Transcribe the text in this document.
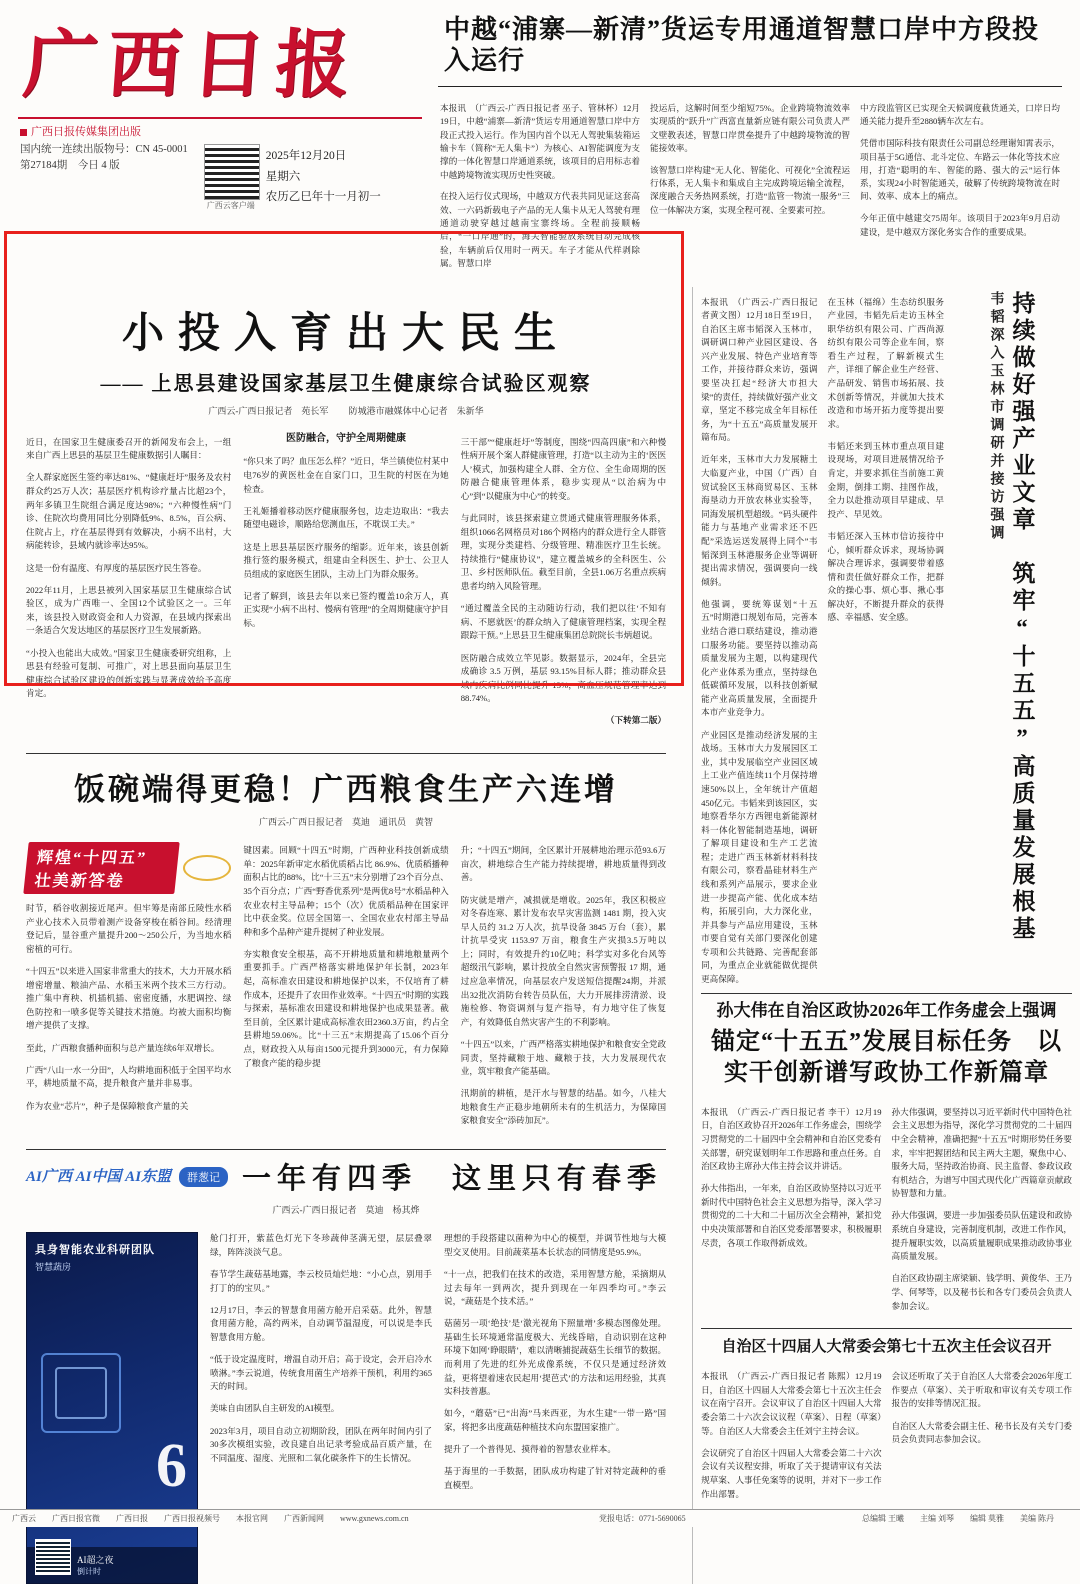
广西日报
广西日报传媒集团出版
国内统一连续出版物号：CN 45-0001
第27184期　 今日 4 版
广西云客户端
2025年12月20日
星期六
农历乙巳年十一月初一
中越“浦寨—新清”货运专用通道智慧口岸中方段投入运行

本报讯　（广西云-广西日报记者 巫子、管林杯）12月19日，中越“浦寨—新清”货运专用通道智慧口岸中方段正式投入运行。作为国内首个以无人驾驶集装箱运输卡车（简称“无人集卡”）为核心、AI智能调度为支撑的一体化智慧口岸通道系统，该项目的启用标志着中越跨境物流实现历史性突破。

在投入运行仪式现场，中越双方代表共同见证这套高效、一六码新载电子产品的无人集卡从无人驾驶有理通道动驶穿越过越南宝寨终场。全程前接顺畅后，“一口岸通”的，海关智能验放系统自动完成核验，车辆前后仅用时一两天。车子才能从代样剥除属。智慧口岸

投运后，这解时间至少缩短75%。企业跨境物流效率实现质的“跃升”广西富直量新应链有限公司负责人严文壁教表述，智慧口岸贯垒提升了中越跨境物流的智能接效率。

该智慧口岸构建“无人化、智能化、可视化”全流程运行体系，无人集卡和集成自主完成跨境运输全流程，深度融合天务热网系统，打造“监管一物流一服务”三位一体解决方案，实现全程可视、全要素可控。

中方段监管区已实现全天候调度截货通关，口岸日均通关能力提升至2880辆车次左右。

凭借市国际科技有限责任公司副总经理谢知霄表示，项目基于5G通信、北斗定位、车路云一体化等技术应用，打造“聪明的车、智能的路、强大的云”运行体系，实现24小时智能通关，破解了传统跨境物流在时间、效率、成本上的痛点。

今年正值中越建交75周年。该项目于2023年9月启动建设，是中越双方深化务实合作的重要成果。

小投入育出大民生
—— 上思县建设国家基层卫生健康综合试验区观察
广西云-广西日报记者　苑长军　　 防城港市融媒体中心记者　朱新华

近日，在国家卫生健康委召开的新闻发布会上，一组来自广西上思县的基层卫生健康数据引人瞩目：

全人群家庭医生签约率达81%、“健康赶圩”服务及农村群众约25万人次；基层医疗机构诊疗量占比超23个，两年多镇卫生院组合满足度达98%；“六种慢性病”门诊、住院次均费用同比分别降低9%、8.5%，百公病、住院占上，疗在基层得到有效解决，小病不出村，大病能转诊，县域内就诊率达95%。

这是一份有温度、有厚度的基层医疗民生答卷。

2022年11月，上思县被列入国家基层卫生健康综合试验区，成为广西唯一、全国12个试验区之一。三年来，该县投入财政资金和人力资源，在县域内探索出一条适合欠发达地区的基层医疗卫生发展新路。

“小投入也能出大成效。”国家卫生健康委研究组称，上思县有经验可复制、可推广，对上思县面向基层卫生健康综合试验区建设的创新实践与显著成效给予高度肯定。

医防融合，守护全周期健康

“你只来了吗？血压怎么样？”近日，华兰镇使位村某中电76岁的黄医杜金在自家门口，卫生院的村医在为她检查。

王礼姬播着移动医疗健康服务包，边走边取出：“我去随望电磁诊，顺路给您测血压，不耽误工夫。”

这是上思县基层医疗服务的缩影。近年来，该县创新推行签约服务模式，组建由全科医生、护士、公卫人员组成的家庭医生团队，主动上门为群众服务。

记者了解到，该县去年以来已签约覆盖10余万人，真正实现“小病不出村、慢病有管理”的全周期健康守护目标。

三干部”“健康赶圩”等制度，围绕“四高四康”和六种慢性病开展个案人群健康管理，打造“以主动为主的‘医医人’模式，加强构建全人群、全方位、全生命周期的医防融合健康管理体系，稳步实现从“以治病为中心”到“以健康为中心”的转变。

与此同时，该县探索建立贯通式健康管理服务体系，组织1066名网格员对186个网格内的群众进行全人群管理，实现分类建档、分级管理、精准医疗卫生长统。持续推行“健康协议”，建立覆盖城乡的全科医生、公卫、乡村医师队伍。截至目前，全县1.06万名重点疾病患者均纳入风险管理。

“通过覆盖全民的主动随访行动，我们把以往‘不知有病、不愿就医’的群众纳入了健康管理档案，实现全程跟踪干预。”上思县卫生健康集团总院院长韦炳超说。

医防融合成效立竿见影。数据显示，2024年，全县完成确诊 3.5 万例，基层 93.15%目标人群；推动群众县域内疾病比例同比提升 13%，高血压规范管理率达到 88.74%。

（下转第二版）

饭碗端得更稳！广西粮食生产六连增
广西云-广西日报记者　莫迪　通讯员　黄智
辉煌“十四五” 壮美新答卷

时节，稻谷收割接近尾声。但牢筹是南部丘陵性水稻产业心技术入员带着测产设备穿梭在稻谷间。经清理登记后，显谷重产量提升200～250公斤，为当地水稻密植的可行。

“十四五”以来进入国家非常重大的技术，大力开展水稻增密增量、粮油产品、水稻玉米两个技术三方行动。推广集中育秧、机插机插、密密度播，水肥调控、绿色防控和一喷多促等关键技术措施。均被大面积均衡增产提供了支撑。

至此，广西粮食播种面积与总产量连续6年双增长。

广西“八山一水一分田”，人均耕地面积低于全国平均水平，耕地质量不高，提升粮食产量并非易事。

作为农业“芯片”，种子是保障粮食产量的关

键因素。回顾“十四五”时期，广西种业科技创新成绩单：2025年新审定水稻优质稻占比 86.9%、优质稻播种面积占比的88%，比“十三五”末分别增了23个百分点、35个百分点；广西“野香优系列”是两优8号”水稻品种入农业农村主导品种；15个（次）优质稻品种在国家评比中获金奖。位居全国第一、全国农业农村部主导品种和多个品种产建升提树了种业发展。

夯实粮食安全根基，高不开耕地质量和耕地粮量两个重要抓手。广西严格落实耕地保护年长制，2023年起，高标准农田建设和耕地保护以来，不仅培育了耕作成本，还提升了农田作业效率。“十四五”时期的实践与探索，基标准农田建设和耕地保护也成果显著。截至目前，全区累计建成高标准农田2360.3万亩，约占全县耕地59.06%。比“十三五”末期提高了15.06个百分点，财政投入从每亩1500元提升到3000元，有力保障了粮食产能的稳步提

升；“十四五”期间，全区累计开展耕地治理示范93.6万亩次，耕地综合生产能力持续提增，耕地质量得到改善。

防灾就是增产，减损就是增收。2025年，我区积极应对冬春连寒、累计发布农早灾害监测 1481 期，投入灾早人员约 31.2 万人次，抗旱设备 3845 万台（套），累计抗旱受灾 1153.97 万亩，粮食生产灾损3.5万吨以上；同时，有效提升约10亿吨；科学实对多化台风等超级汛气影响，累计投放全自然灾害预警报 17 期，通过应急率情况，向基层农户发送短信提醒24期，并派出32批次消防台转告员队伍，大力开展排涝清淤、设施检修、物资调剂与复产指导，有力地守住了恢复产，有效降低自然灾害产生的不利影响。

“十四五”以来，广西严格落实耕地保护和粮食安全党政同责，坚持藏粮于地、藏粮于技，大力发展现代农业，筑牢粮食产能基础。

汛期前的耕植，是汗水与智慧的结晶。如今，八桂大地粮食生产正稳步地朝所未有的生机活力，为保障国家粮食安全“添砖加瓦”。

AI广西 AI中国 AI东盟 群葱记 一年有四季　这里只有春季
广西云-广西日报记者　莫迪　杨其烨
具身智能农业科研团队
智慧蔬房
6
AI超之夜
倒计时

舱门打开，紫蓝色灯光下冬珍蔬伸茎满无望，层层叠翠绿，阵阵淡淡气息。

春节学生蔬菇基地露，李云校员灿烂地：“小心点，别用手打丁的的宝贝。”

12月17日，李云的智慧食用菌方舱开启采菇。此外，智慧食用菌方舱，高约两米，自动调节温湿度，可以说是李氏智慧食用方舱。

“低于设定温度时，增温自动开启；高于设定，会开启冷水喷淋。”李云说道，传统食用菌生产培养干预机，利用约365天的时间。

美味自由团队自主研发的AI模型。

2023年3月，项目自动立初期阶段，团队在两年时间内引了30多次模组实验，改良建自出记录考验成品百质产量，在不同温度、湿度、光照和二氧化碳条件下的生长情况。

理想的手段搭建以菌种为中心的模型，并调节性地与大模型交叉使用。目前蔬菜基本长状态的同情度是95.9%。

“十一点，把我们在技术的改造，采用智慧方舱，采摘期从过去每年一到两次，提升到现在一年四季均可。”李云说，“蔬菇是个技术活。”

菇菌另一项‘绝技’是‘激光视角下照量增’多模态图像处理。基础生长环境通常温度极大、光线昏暗，自动识别在这种环境下如网‘睁眼睛’，难以清晰捕捉蔬菇生长细节的数据。而利用了先进的红外光成像系统，不仅只是通过经济效益，更将望着速农民起用‘提芭式’的方法和运用经验，其真实科技普惠。

如今，“蘑菇”已“出海”马来西亚，为水生建“一带一路”国家，将把多出度蔬菇种植技术向东盟国家推广。

提升了一个普得见、摸得着的智慧农业样本。

基于海里的一手数据，团队成功构建了针对特定蔬种的垂直模型。

本报讯　（广西云-广西日报记者黄文图）12月18日至19日，自治区主席韦韬深入玉林市，调研调口种产业园区建设、各兴产业发展、特色产业培育等工作，并接待群众来访，强调要坚决扛起“经济大市担大梁”的责任，持续做好强产业文章，坚定不移完成全年目标任务，为“十五五”高质量发展开篇布局。

近年来，玉林市大力发展糖土大临夏产业，中国（广西）自贸试验区玉林商贸易区、玉林海垦动力开放农林业实验等，同海发展机型超级。“码头硬件能力与基地产业需求还不匹配”采选运送发展得上同个”韦韬深到玉林港服务企业等调研提出需求情况，强调要向一线倾斜。

他强调，要统筹谋划“十五五”时期港口规划布局，完善本业结合港口联结建设，推动港口服务功能。要坚持以推动高质量发展为主题，以构建现代化产业体系为重点，坚持绿色低碳循环发展，以科技创新赋能产业高质量发展，全面提升本市产业竞争力。

产业园区是推动经济发展的主战场。玉林市大力发展园区工业，其中发展临空产业园区域上工业产值连续11个月保持增速50%以上，全年统计产值超450亿元。韦韬来到该园区，实地察看华尔方西锂电新能源材料一体化智能制造基地，调研了解项目建设和生产工艺流程；走进广西玉林新材料科技有限公司，察看晶硅材料生产线和系列产品展示，要求企业进一步提高产能、优化成本结构，拓展引向，大力深化业，并具参与产品应用建设，玉林市要自觉有关部门要深化创建专项和公共链路、完善配套部同，为重点企业就能做优提供更高保障。

在玉林（福绵）生态纺织服务产业园，韦韬先后走访玉林全职华纺织有限公司、广西尚源纺织有限公司等企业车间，察看生产过程，了解新模式生产，详细了解企业生产经营、产品研发、销售市场拓展、技术创新等情况，并就加大技术改造和市场开拓力度等提出要求。

韦韬还来到玉林市重点项目建设现场，对项目进展情况给予肯定，并要求抓住当前施工黄金期，倒排工期、挂图作战，全力以赴推动项目早建成、早投产、早见效。

韦韬还深入玉林市信访接待中心，倾听群众诉求，现场协调解决合理诉求，强调要带着感情和责任做好群众工作，把群众的操心事、烦心事、揪心事解决好，不断提升群众的获得感、幸福感、安全感。

韦韬深入玉林市调研并接访强调 持续做好强产业文章　筑牢“十五五”高质量发展根基
孙大伟在自治区政协2026年工作务虚会上强调
锚定“十五五”发展目标任务　以实干创新谱写政协工作新篇章

本报讯　（广西云-广西日报记者 李干）12月19日，自治区政协召开2026年工作务虚会，围绕学习贯彻党的二十届四中全会精神和自治区党委有关部署，研究谋划明年工作思路和重点任务。自治区政协主席孙大伟主持会议并讲话。

孙大伟指出，一年来，自治区政协坚持以习近平新时代中国特色社会主义思想为指导，深入学习贯彻党的二十大和二十届历次全会精神，紧扣党中央决策部署和自治区党委部署要求，积极履职尽责，各项工作取得新成效。

孙大伟强调，要坚持以习近平新时代中国特色社会主义思想为指导，深化学习贯彻党的二十届四中全会精神，准确把握“十五五”时期形势任务要求，牢牢把握团结和民主两大主题，聚焦中心、服务大局，坚持政治协商、民主监督、参政议政有机结合，为谱写中国式现代化广西篇章贡献政协智慧和力量。

孙大伟强调，要进一步加强委员队伍建设和政协系统自身建设，完善制度机制，改进工作作风，提升履职实效，以高质量履职成果推动政协事业高质量发展。

自治区政协副主席梁颖、钱学明、黄俊华、王乃学、何琴等，以及秘书长和各专门委员会负责人参加会议。

自治区十四届人大常委会第七十五次主任会议召开

本报讯　（广西云-广西日报记者 陈熙）12月19日，自治区十四届人大常委会第七十五次主任会议在南宁召开。会议审议了自治区十四届人大常委会第二十六次会议议程（草案）、日程（草案）等。自治区人大常委会主任刘宁主持会议。

会议研究了自治区十四届人大常委会第二十六次会议有关议程安排，听取了关于提请审议有关法规草案、人事任免案等的说明，并对下一步工作作出部署。

会议还听取了关于自治区人大常委会2026年度工作要点（草案）、关于听取和审议有关专项工作报告的安排等情况汇报。

自治区人大常委会副主任、秘书长及有关专门委员会负责同志参加会议。

广西云 广西日报官微 广西日报 广西日报视频号 本报官网 广西新闻网 www.gxnews.com.cn	党报电话：0771-5690065	总编辑 王曦 主编 刘琴 编辑 莫雅 美编 陈丹
